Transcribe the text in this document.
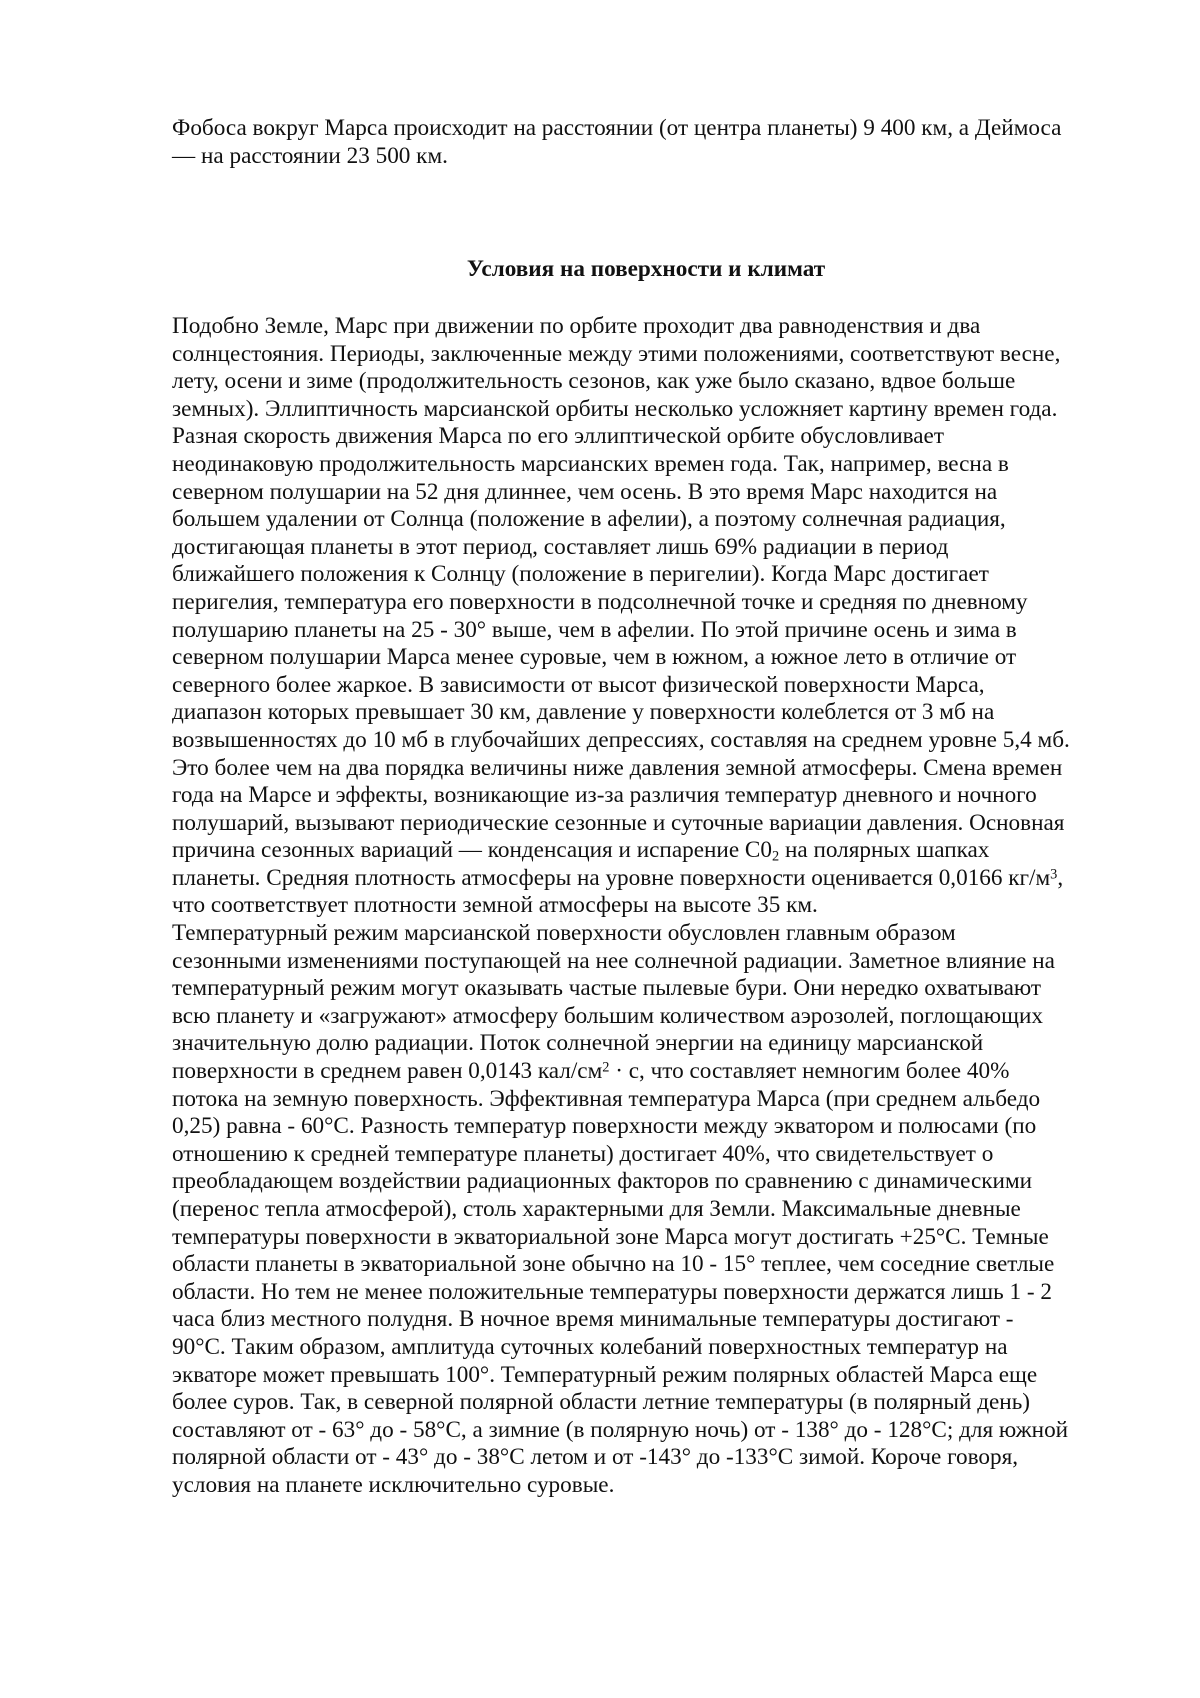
Фобоса вокруг Марса происходит на расстоянии (от центра планеты) 9 400 км, а Деймоса
— на расстоянии 23 500 км.
Условия на поверхности и климат
Подобно Земле, Марс при движении по орбите проходит два равноденствия и два
солнцестояния. Периоды, заключенные между этими положениями, соответствуют весне,
лету, осени и зиме (продолжительность сезонов, как уже было сказано, вдвое больше
земных). Эллиптичность марсианской орбиты несколько усложняет картину времен года.
Разная скорость движения Марса по его эллиптической орбите обусловливает
неодинаковую продолжительность марсианских времен года. Так, например, весна в
северном полушарии на 52 дня длиннее, чем осень. В это время Марс находится на
большем удалении от Солнца (положение в афелии), а поэтому солнечная радиация,
достигающая планеты в этот период, составляет лишь 69% радиации в период
ближайшего положения к Солнцу (положение в перигелии). Когда Марс достигает
перигелия, температура его поверхности в подсолнечной точке и средняя по дневному
полушарию планеты на 25 - 30° выше, чем в афелии. По этой причине осень и зима в
северном полушарии Марса менее суровые, чем в южном, а южное лето в отличие от
северного более жаркое. В зависимости от высот физической поверхности Марса,
диапазон которых превышает 30 км, давление у поверхности колеблется от 3 мб на
возвышенностях до 10 мб в глубочайших депрессиях, составляя на среднем уровне 5,4 мб.
Это более чем на два порядка величины ниже давления земной атмосферы. Смена времен
года на Марсе и эффекты, возникающие из-за различия температур дневного и ночного
полушарий, вызывают периодические сезонные и суточные вариации давления. Основная
причина сезонных вариаций — конденсация и испарение $С0_2$ на полярных шапках
планеты. Средняя плотность атмосферы на уровне поверхности оценивается 0,0166 $кг/м^3$,
что соответствует плотности земной атмосферы на высоте 35 км.
Температурный режим марсианской поверхности обусловлен главным образом
сезонными изменениями поступающей на нее солнечной радиации. Заметное влияние на
температурный режим могут оказывать частые пылевые бури. Они нередко охватывают
всю планету и «загружают» атмосферу большим количеством аэрозолей, поглощающих
значительную долю радиации. Поток солнечной энергии на единицу марсианской
поверхности в среднем равен 0,0143 кал/$см^2 \cdot с$, что составляет немногим более 40%
потока на земную поверхность. Эффективная температура Марса (при среднем альбедо
0,25) равна - 60°С. Разность температур поверхности между экватором и полюсами (по
отношению к средней температуре планеты) достигает 40%, что свидетельствует о
преобладающем воздействии радиационных факторов по сравнению с динамическими
(перенос тепла атмосферой), столь характерными для Земли. Максимальные дневные
температуры поверхности в экваториальной зоне Марса могут достигать +25°С. Темные
области планеты в экваториальной зоне обычно на 10 - 15° теплее, чем соседние светлые
области. Но тем не менее положительные температуры поверхности держатся лишь 1 - 2
часа близ местного полудня. В ночное время минимальные температуры достигают -
90°С. Таким образом, амплитуда суточных колебаний поверхностных температур на
экваторе может превышать 100°. Температурный режим полярных областей Марса еще
более суров. Так, в северной полярной области летние температуры (в полярный день)
составляют от - 63° до - 58°С, а зимние (в полярную ночь) от - 138° до - 128°С; для южной
полярной области от - 43° до - 38°С летом и от -143° до -133°С зимой. Короче говоря,
условия на планете исключительно суровые.
